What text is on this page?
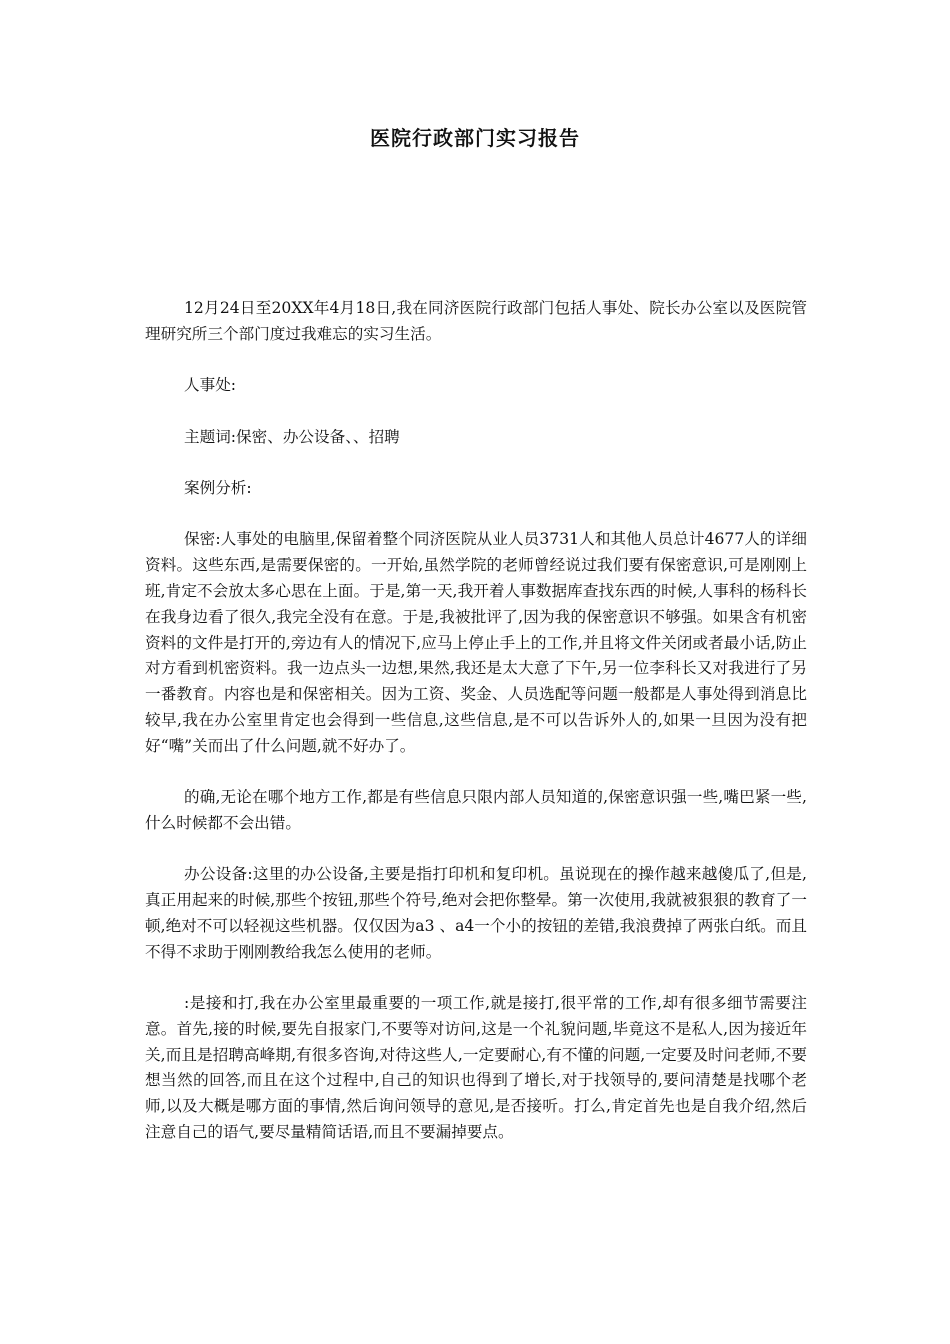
医院行政部门实习报告

12月24日至20XX年4月18日,我在同济医院行政部门包括人事处、院长办公室以及医院管理研究所三个部门度过我难忘的实习生活。

人事处:

主题词:保密、办公设备、、招聘

案例分析:

保密:人事处的电脑里,保留着整个同济医院从业人员3731人和其他人员总计4677人的详细资料。这些东西,是需要保密的。一开始,虽然学院的老师曾经说过我们要有保密意识,可是刚刚上班,肯定不会放太多心思在上面。于是,第一天,我开着人事数据库查找东西的时候,人事科的杨科长在我身边看了很久,我完全没有在意。于是,我被批评了,因为我的保密意识不够强。如果含有机密资料的文件是打开的,旁边有人的情况下,应马上停止手上的工作,并且将文件关闭或者最小话,防止对方看到机密资料。我一边点头一边想,果然,我还是太大意了下午,另一位李科长又对我进行了另一番教育。内容也是和保密相关。因为工资、奖金、人员选配等问题一般都是人事处得到消息比较早,我在办公室里肯定也会得到一些信息,这些信息,是不可以告诉外人的,如果一旦因为没有把好“嘴”关而出了什么问题,就不好办了。

的确,无论在哪个地方工作,都是有些信息只限内部人员知道的,保密意识强一些,嘴巴紧一些,什么时候都不会出错。

办公设备:这里的办公设备,主要是指打印机和复印机。虽说现在的操作越来越傻瓜了,但是,真正用起来的时候,那些个按钮,那些个符号,绝对会把你整晕。第一次使用,我就被狠狠的教育了一顿,绝对不可以轻视这些机器。仅仅因为a3 、a4一个小的按钮的差错,我浪费掉了两张白纸。而且不得不求助于刚刚教给我怎么使用的老师。

:是接和打,我在办公室里最重要的一项工作,就是接打,很平常的工作,却有很多细节需要注意。首先,接的时候,要先自报家门,不要等对访问,这是一个礼貌问题,毕竟这不是私人,因为接近年关,而且是招聘高峰期,有很多咨询,对待这些人,一定要耐心,有不懂的问题,一定要及时问老师,不要想当然的回答,而且在这个过程中,自己的知识也得到了增长,对于找领导的,要问清楚是找哪个老师,以及大概是哪方面的事情,然后询问领导的意见,是否接听。打么,肯定首先也是自我介绍,然后注意自己的语气,要尽量精简话语,而且不要漏掉要点。
